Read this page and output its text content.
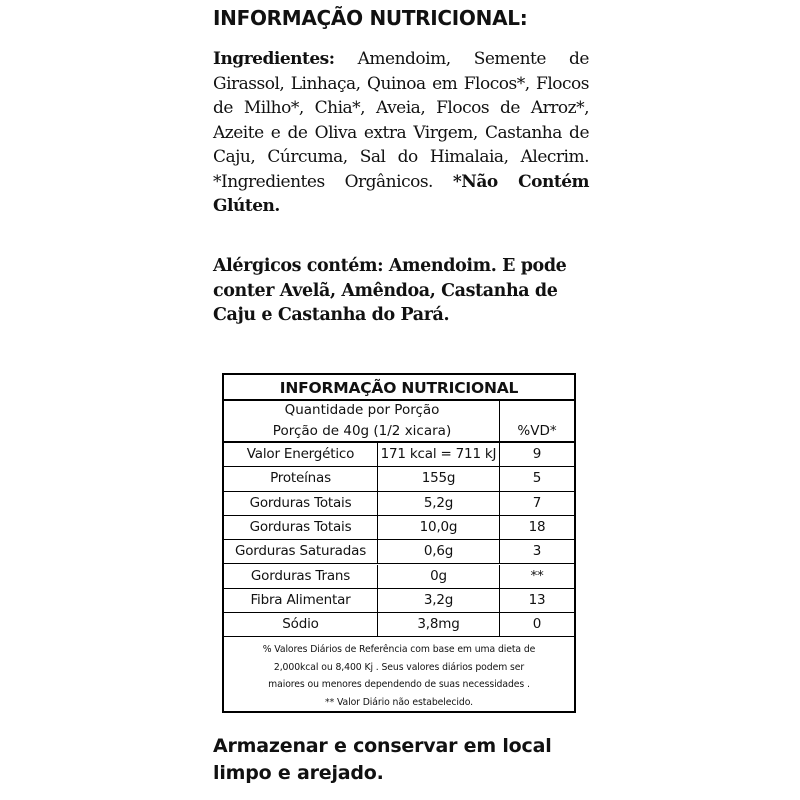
INFORMAÇÃO NUTRICIONAL:
Ingredientes: Amendoim, Semente de Girassol, Linhaça, Quinoa em Flocos*, Flocos de Milho*, Chia*, Aveia, Flocos de Arroz*, Azeite e de Oliva extra Virgem, Castanha de Caju, Cúrcuma, Sal do Himalaia, Alecrim. *Ingredientes Orgânicos. *Não Contém Glúten.
Alérgicos contém: Amendoim. E pode conter Avelã, Amêndoa, Castanha de Caju e Castanha do Pará.
INFORMAÇÃO NUTRICIONAL
Quantidade por Porção
Porção de 40g (1/2 xicara)	%VD*
Valor Energético	171 kcal = 711 kJ	9
Proteínas	155g	5
Gorduras Totais	5,2g	7
Gorduras Totais	10,0g	18
Gorduras Saturadas	0,6g	3
Gorduras Trans	0g	**
Fibra Alimentar	3,2g	13
Sódio	3,8mg	0
% Valores Diários de Referência com base em uma dieta de
2,000kcal ou 8,400 Kj . Seus valores diários podem ser
maiores ou menores dependendo de suas necessidades .
** Valor Diário não estabelecido.
Armazenar e conservar em local
limpo e arejado.
